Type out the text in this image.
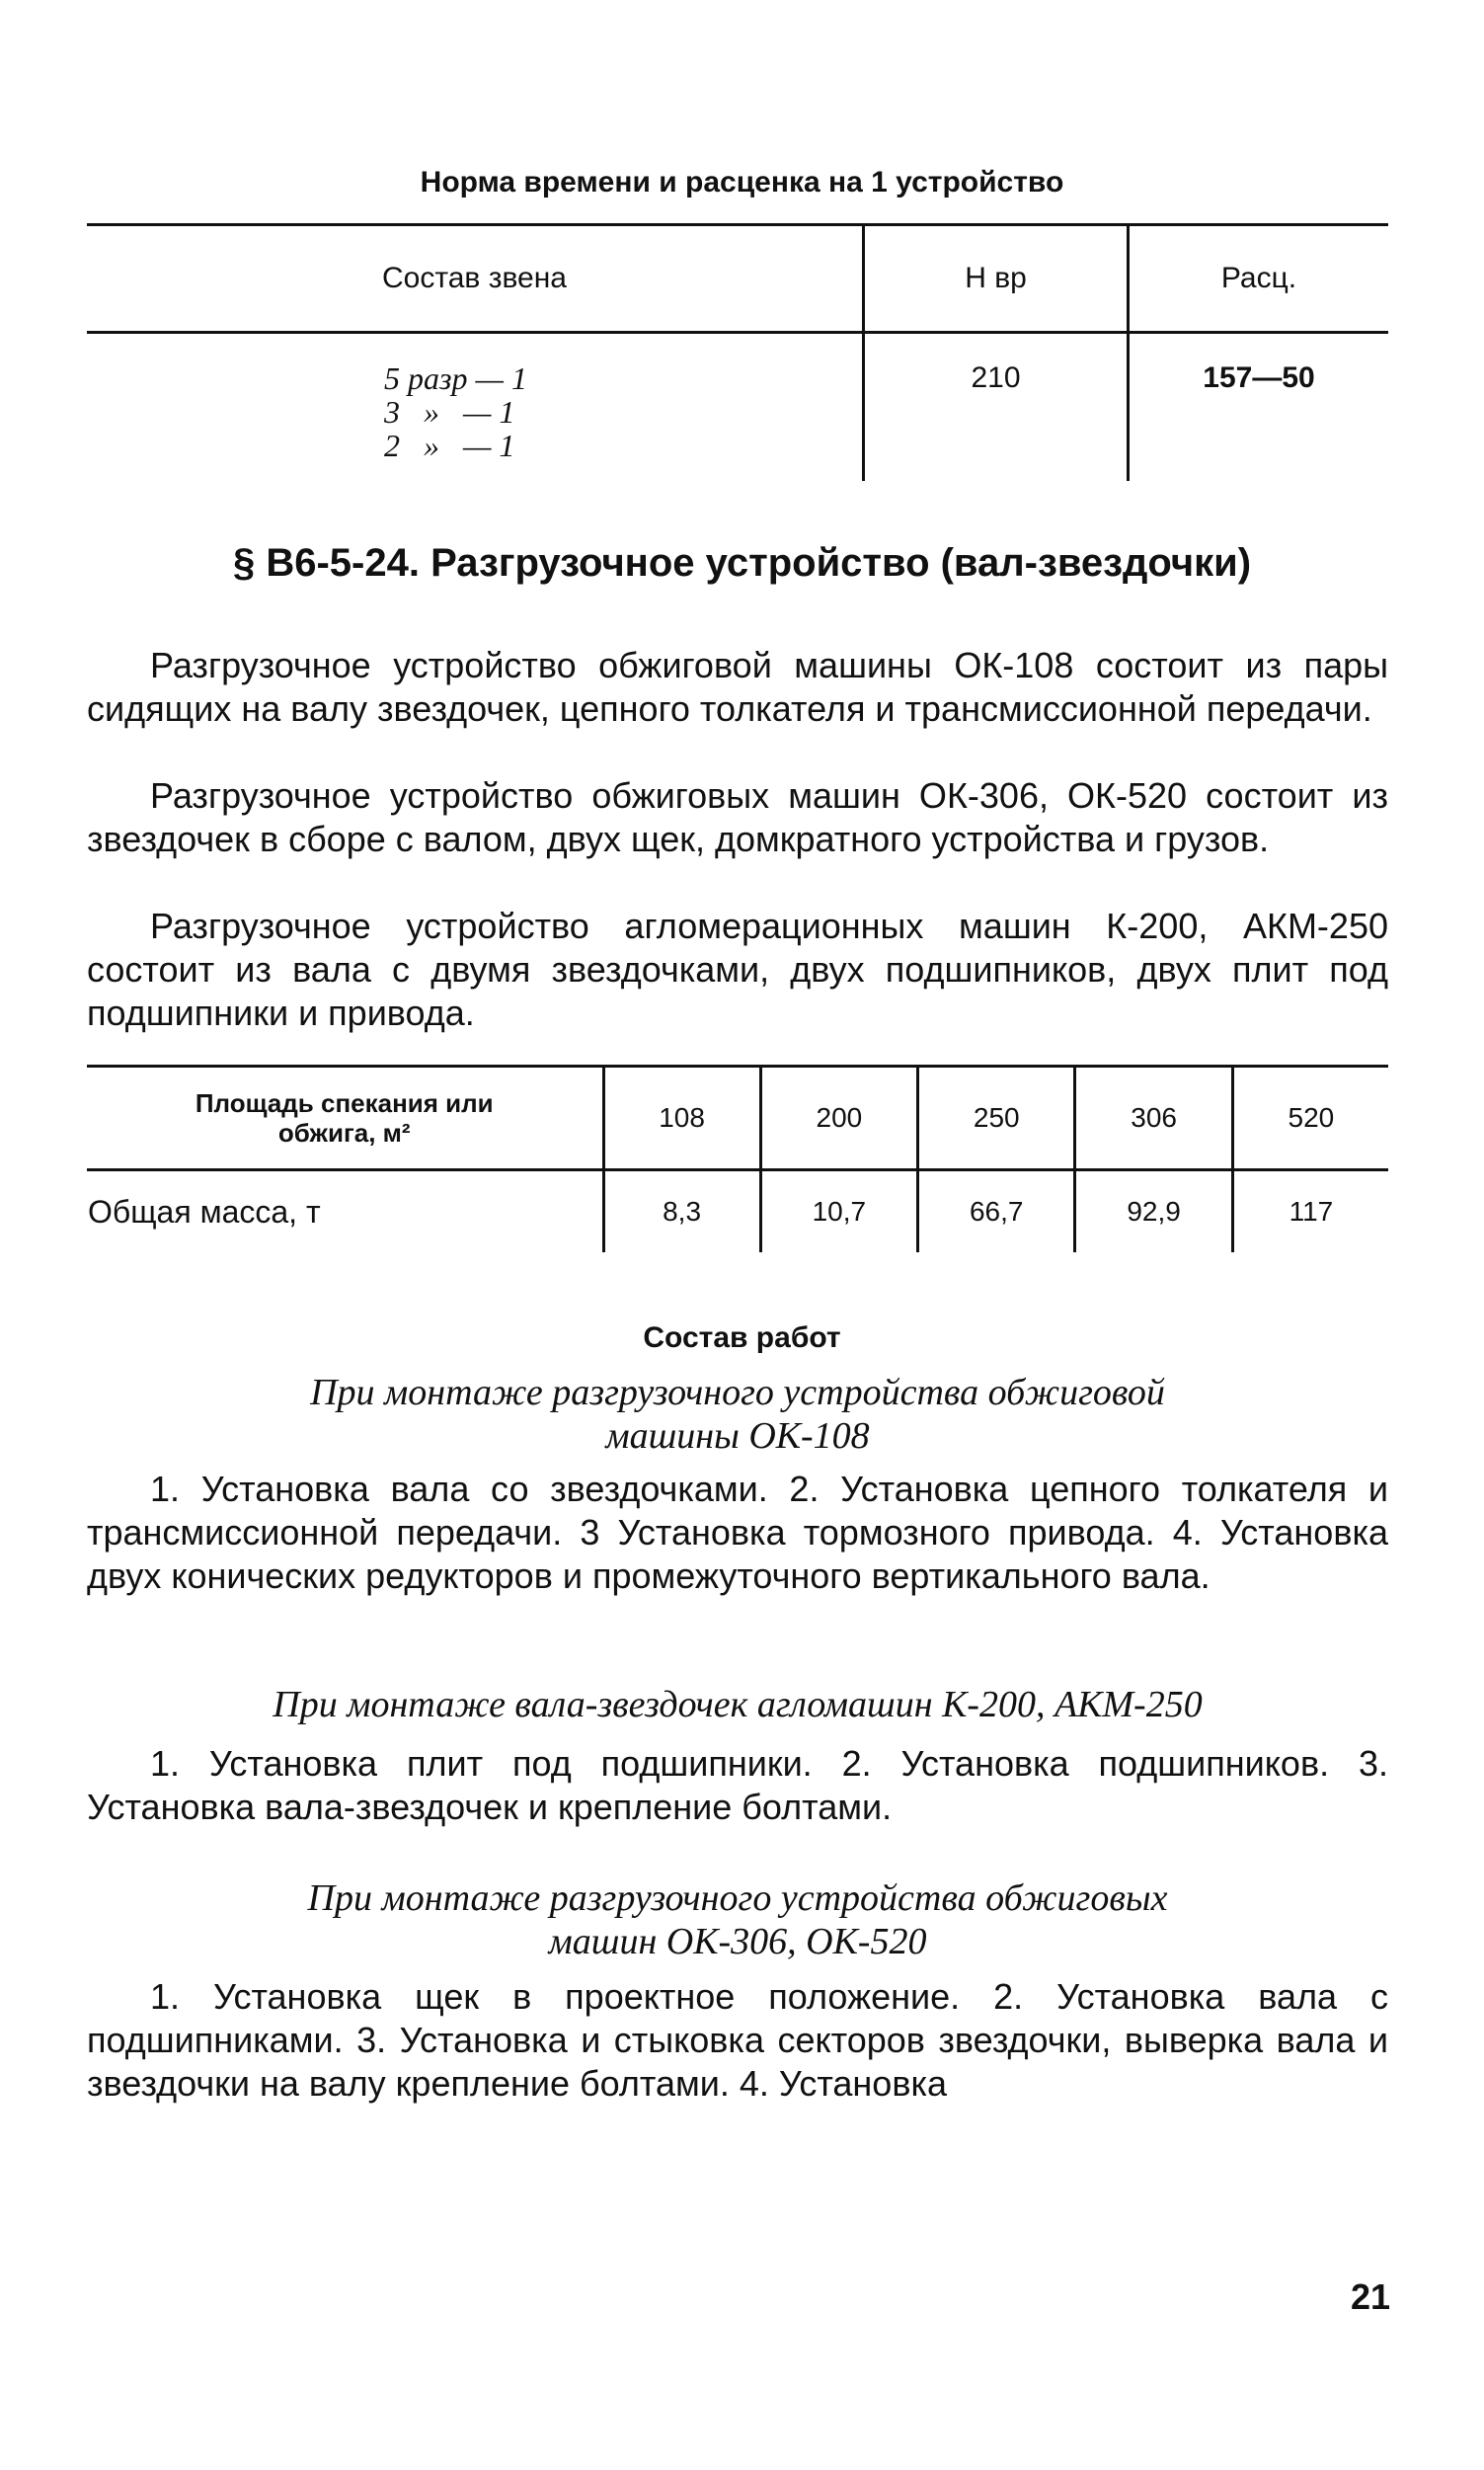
Норма времени и расценка на 1 устройство
Состав звена	Н вр	Расц.

5 разр — 1
3   »   — 1
2   »   — 1	210	157—50
§ В6-5-24. Разгрузочное устройство (вал-звездочки)

Разгрузочное устройство обжиговой машины ОК-108 состоит из пары сидящих на валу звездочек, цепного толкателя и трансмиссионной передачи.

Разгрузочное устройство обжиговых машин ОК-306, ОК-520 состоит из звездочек в сборе с валом, двух щек, домкратного устройства и грузов.

Разгрузочное устройство агломерационных машин К-200, АКМ-250 состоит из вала с двумя звездочками, двух подшипников, двух плит под подшипники и привода.

Площадь спекания или
обжига, м²	108	200	250	306	520
Общая масса, т	8,3	10,7	66,7	92,9	117
Состав работ
При монтаже разгрузочного устройства обжиговой
машины ОК-108

1. Установка вала со звездочками. 2. Установка цепного толкателя и трансмиссионной передачи. 3 Установка тормозного привода. 4. Установка двух конических редукторов и промежуточного вертикального вала.

При монтаже вала-звездочек агломашин К-200, АКМ-250

1. Установка плит под подшипники. 2. Установка подшипников. 3. Установка вала-звездочек и крепление болтами.

При монтаже разгрузочного устройства обжиговых
машин ОК-306, ОК-520

1. Установка щек в проектное положение. 2. Установка вала с подшипниками. 3. Установка и стыковка секторов звездочки, выверка вала и звездочки на валу крепление болтами. 4. Установка

21
